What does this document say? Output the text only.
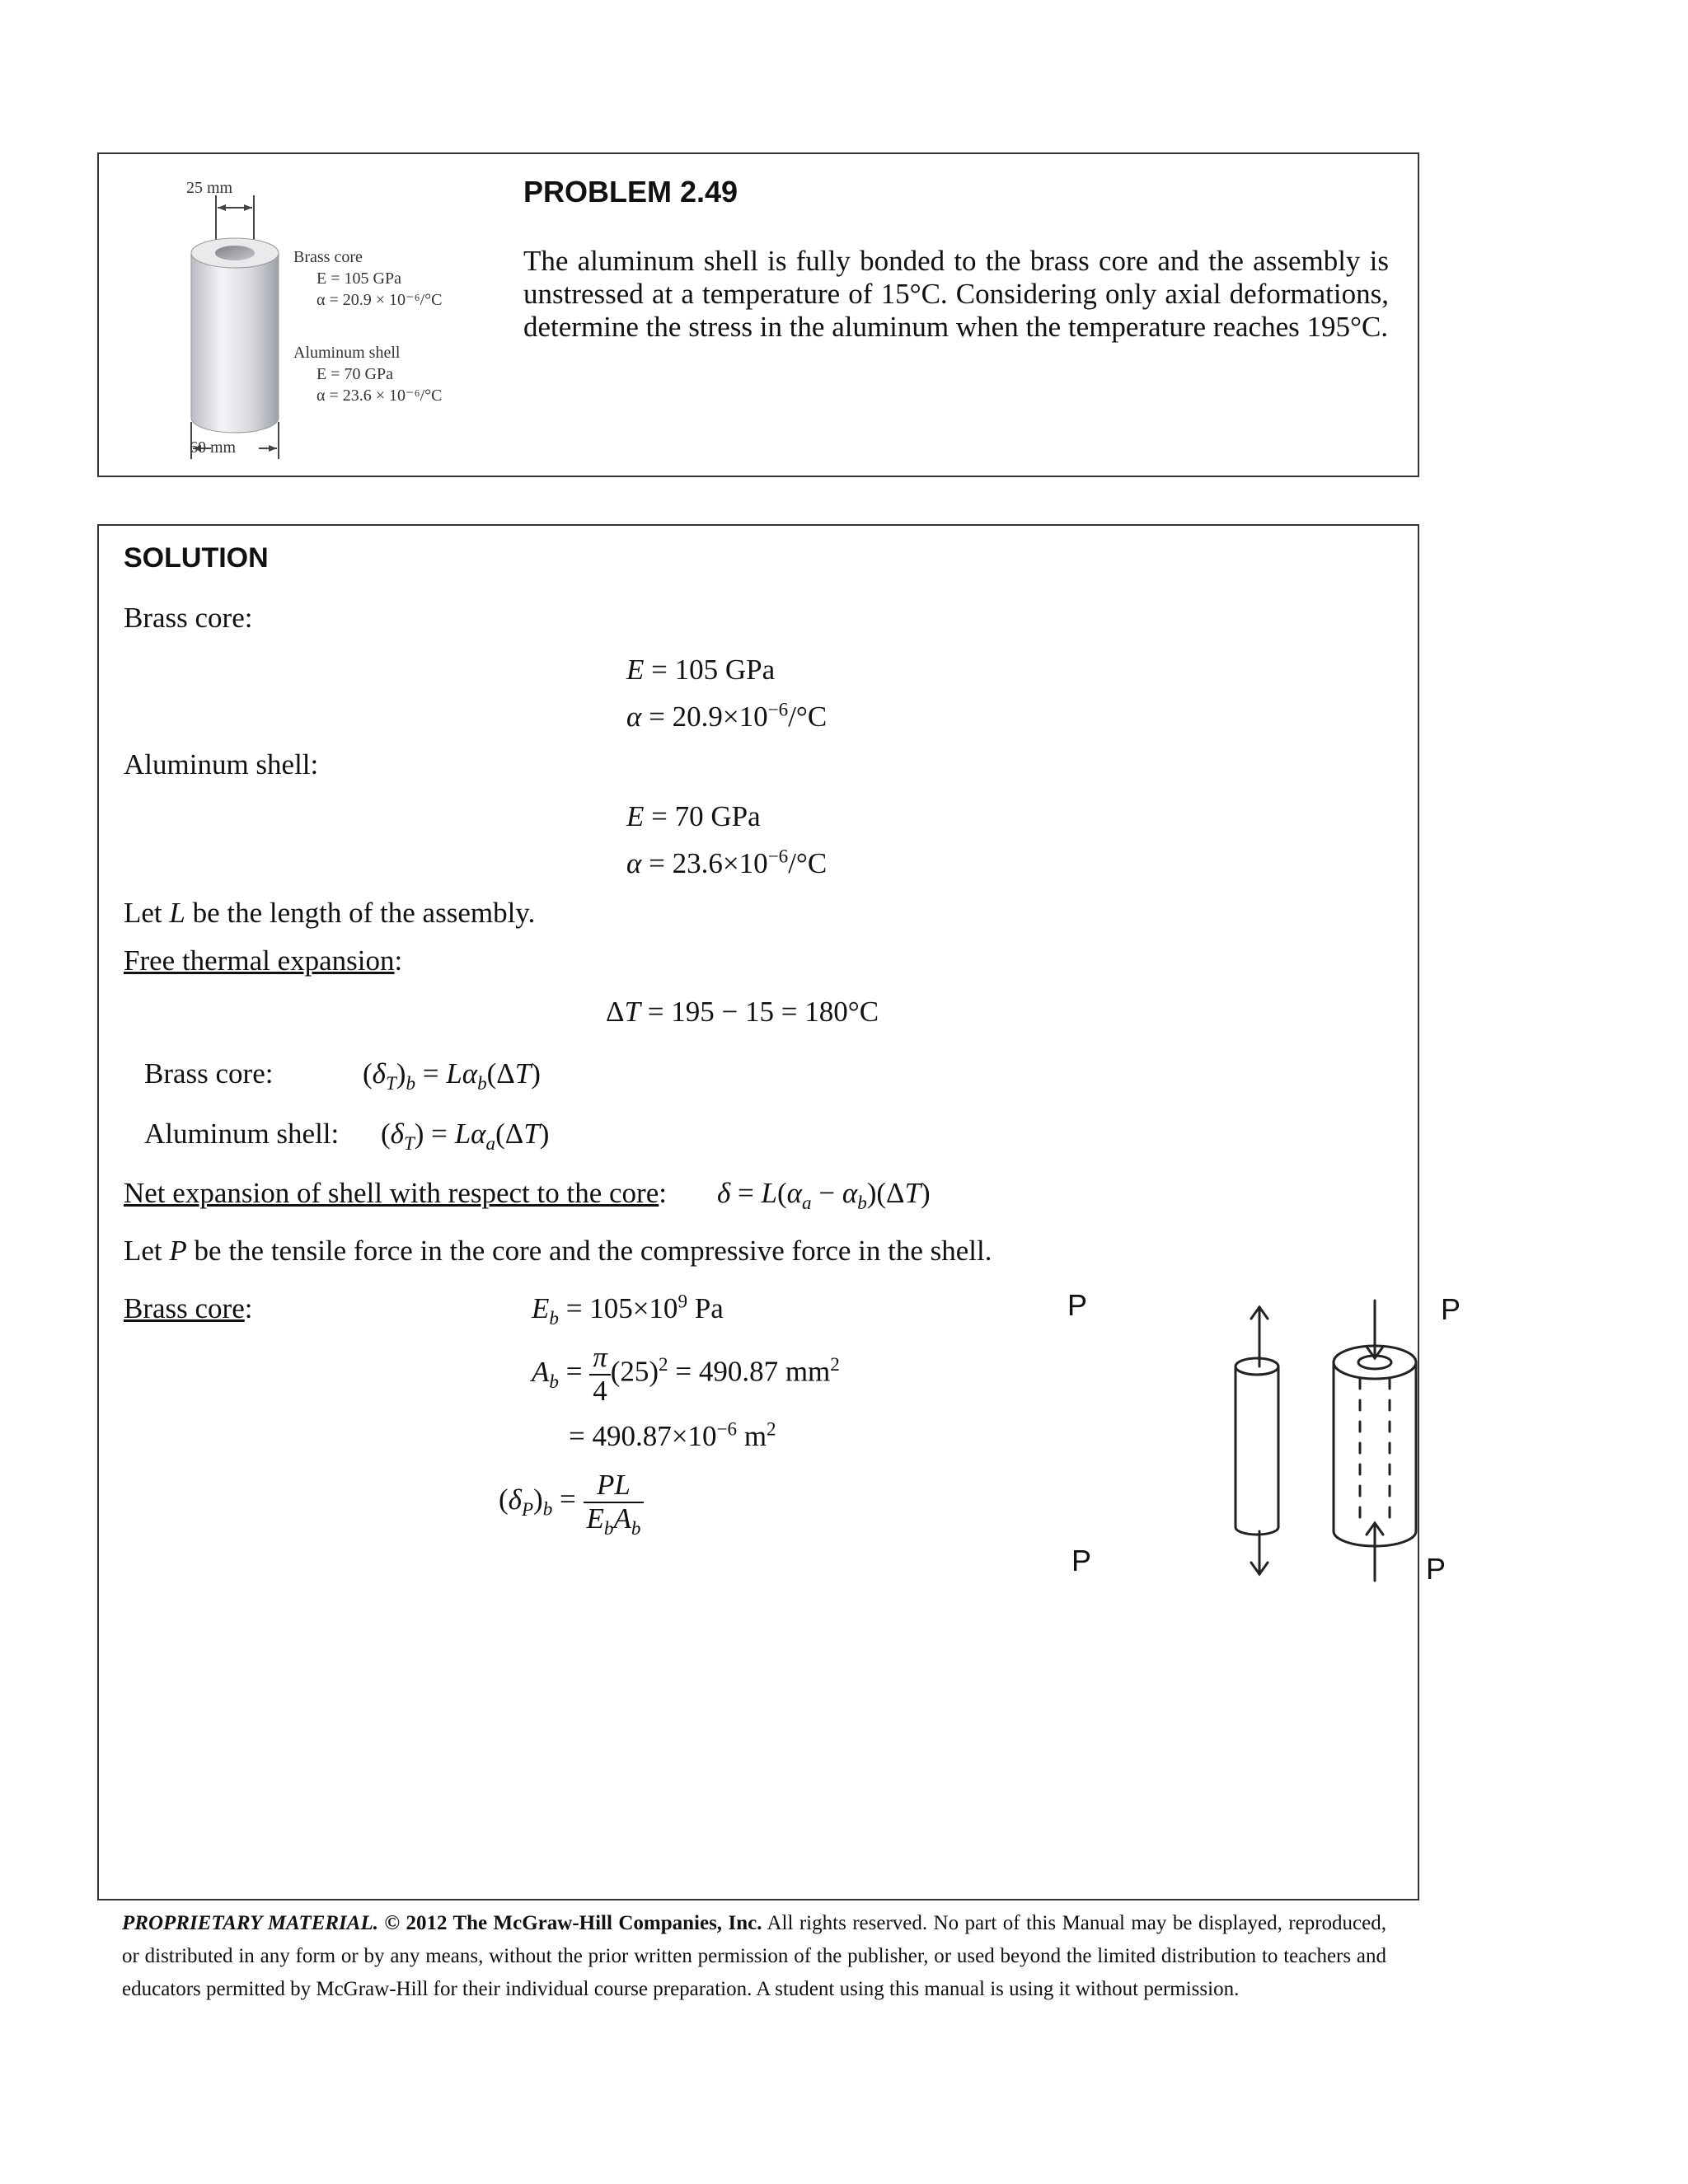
25 mm
60 mm
Brass core
E = 105 GPa
α = 20.9 × 10⁻⁶/°C
Aluminum shell
E = 70 GPa
α = 23.6 × 10⁻⁶/°C
PROBLEM 2.49
The aluminum shell is fully bonded to the brass core and the assembly is unstressed at a temperature of 15°C. Considering only axial deformations, determine the stress in the aluminum when the temperature reaches 195°C.
SOLUTION
Brass core:
E = 105 GPa
$\alpha = 20.9\times 10^{-6}/^\circ C$
Aluminum shell:
E = 70 GPa
$\alpha = 23.6\times 10^{-6}/^\circ C$
Let L be the length of the assembly.
Free thermal expansion:
ΔT = 195 − 15 = 180°C
Brass core:	$(\delta_T)_b = L\alpha_b(\Delta T)$
Aluminum shell: $(\delta_T) = L\alpha_a(\Delta T)$
Net expansion of shell with respect to the core: $\delta = L(\alpha_a - \alpha_b)(\Delta T)$
Let P be the tensile force in the core and the compressive force in the shell.
Brass core:	$E_b = 105\times 10^9$ Pa
$A_b = \frac{\pi}{4} (25)^2 = 490.87$ $mm^2$
= $490.87\times 10^{-6}$ $m^2$
$(\delta_P)_b = \frac{PL}{E_bA_b}$
P	P
P	P
PROPRIETARY MATERIAL. © 2012 The McGraw-Hill Companies, Inc. All rights reserved. No part of this Manual may be displayed, reproduced, or distributed in any form or by any means, without the prior written permission of the publisher, or used beyond the limited distribution to teachers and educators permitted by McGraw-Hill for their individual course preparation. A student using this manual is using it without permission.
